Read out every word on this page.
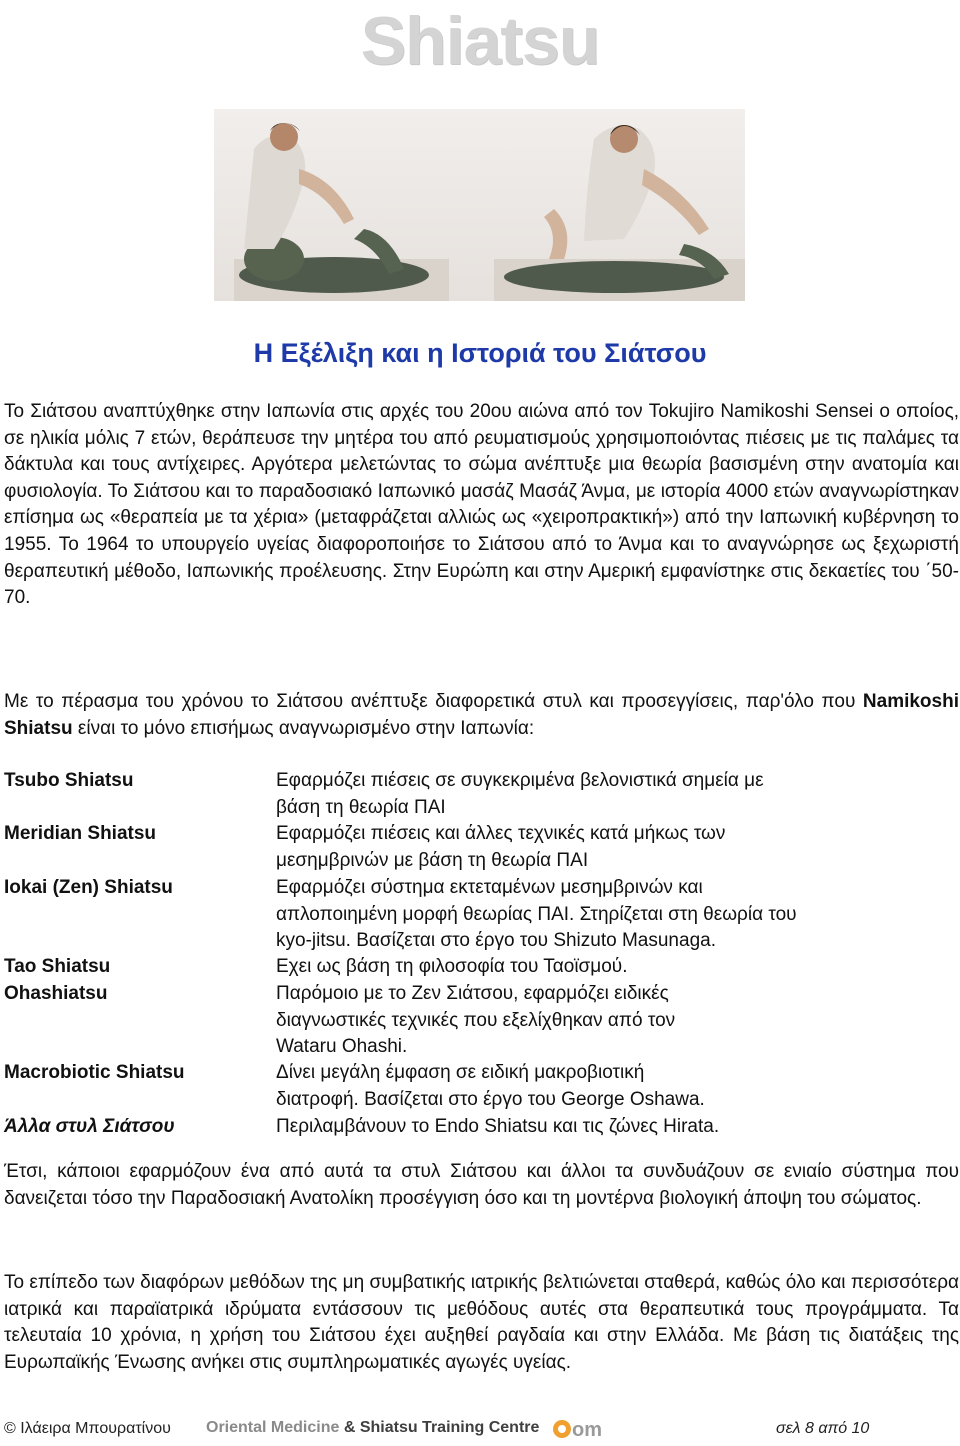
Shiatsu
Η Εξέλιξη και η Ιστοριά του Σιάτσου

Το Σιάτσου αναπτύχθηκε στην Ιαπωνία στις αρχές του 20ου αιώνα από τον Tokujiro Namikoshi Sensei ο οποίος, σε ηλικία μόλις 7 ετών, θεράπευσε την μητέρα του από ρευματισμούς χρησιμοποιόντας πιέσεις με τις παλάμες τα δάκτυλα και τους αντίχειρες. Αργότερα μελετώντας το σώμα ανέπτυξε μια θεωρία βασισμένη στην ανατομία και φυσιολογία. Το Σιάτσου και το παραδοσιακό Ιαπωνικό μασάζ Μασάζ Άνμα, με ιστορία 4000 ετών αναγνωρίστηκαν επίσημα ως «θεραπεία με τα χέρια» (μεταφράζεται αλλιώς ως «χειροπρακτική») από την Ιαπωνική κυβέρνηση το 1955. Το 1964 το υπουργείο υγείας διαφοροποιήσε το Σιάτσου από το Άνμα και το αναγνώρησε ως ξεχωριστή θεραπευτική μέθοδο, Ιαπωνικής προέλευσης. Στην Ευρώπη και στην Αμερική εμφανίστηκε στις δεκαετίες του ΄50-70.

Με το πέρασμα του χρόνου το Σιάτσου ανέπτυξε διαφορετικά στυλ και προσεγγίσεις, παρ'όλο που Namikoshi Shiatsu είναι το μόνο επισήμως αναγνωρισμένο στην Ιαπωνία:

Tsubo Shiatsu	Εφαρμόζει πιέσεις σε συγκεκριμένα βελονιστικά σημεία με
βάση τη θεωρία ΠΑΙ
Meridian Shiatsu	Εφαρμόζει πιέσεις και άλλες τεχνικές κατά μήκως των
μεσημβρινών με βάση τη θεωρία ΠΑΙ
Iokai (Zen) Shiatsu	Εφαρμόζει σύστημα εκτεταμένων μεσημβρινών και
απλοποιημένη μορφή θεωρίας ΠΑΙ. Στηρίζεται στη θεωρία του
kyo-jitsu. Βασίζεται στο έργο του Shizuto Masunaga.
Tao Shiatsu	Εχει ως βάση τη φιλοσοφία του Ταοϊσμού.
Ohashiatsu	Παρόμοιο με το Ζεν Σιάτσου, εφαρμόζει ειδικές
διαγνωστικές τεχνικές που εξελίχθηκαν από τον
Wataru Ohashi.
Macrobiotic Shiatsu	Δίνει μεγάλη έμφαση σε ειδική μακροβιοτική
διατροφή. Βασίζεται στο έργο του George Oshawa.
Άλλα στυλ Σιάτσου	Περιλαμβάνουν το Endo Shiatsu και τις ζώνες Hirata.

Έτσι, κάποιοι εφαρμόζουν ένα από αυτά τα στυλ Σιάτσου και άλλοι τα συνδυάζουν σε ενιαίο σύστημα που δανειζεται τόσο την Παραδοσιακή Ανατολίκη προσέγγιση όσο και τη μοντέρνα βιολογική άποψη του σώματος.

Το επίπεδο των διαφόρων μεθόδων της μη συμβατικής ιατρικής βελτιώνεται σταθερά, καθώς όλο και περισσότερα ιατρικά και παραϊατρικά ιδρύματα εντάσσουν τις μεθόδους αυτές στα θεραπευτικά τους προγράμματα. Τα τελευταία 10 χρόνια, η χρήση του Σιάτσου έχει αυξηθεί ραγδαία και στην Ελλάδα. Με βάση τις διατάξεις της Ευρωπαϊκής Ένωσης ανήκει στις συμπληρωματικές αγωγές υγείας.

© Ιλάειρα Μπουρατίνου Oriental Medicine & Shiatsu Training Centre om	σελ 8 από 10
